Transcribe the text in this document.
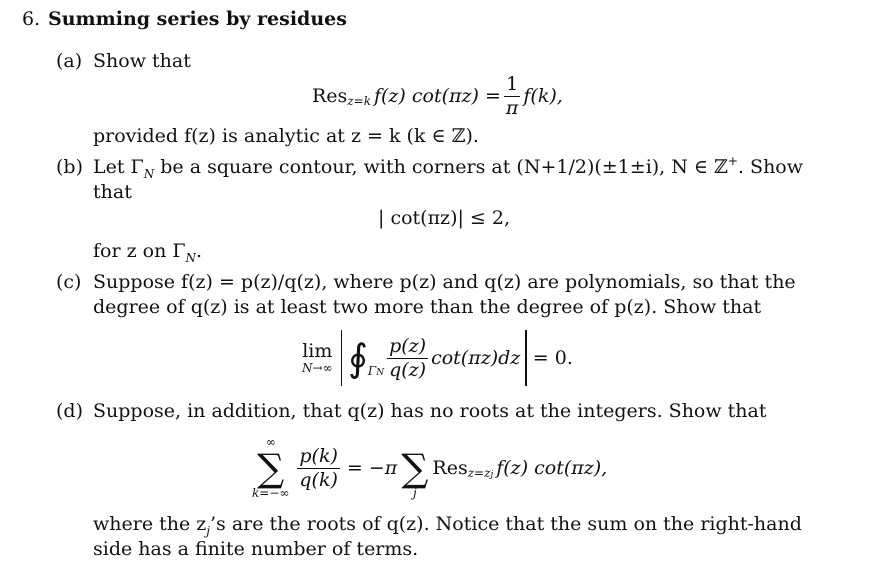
6. Summing series by residues
(a) Show that
Res z=k f(z) $\cot(\pi z) = \frac{1}{\pi} f(k)$,
provided f(z) is analytic at z = k (k ∈ ℤ).
(b) Let $\Gamma_N$ be a square contour, with corners at (N+1/2)(±1±i), N ∈ ℤ+. Show
that
| cot(πz)| ≤ 2,
for z on $\Gamma_N$.
(c) Suppose f(z) = p(z)/q(z), where p(z) and q(z) are polynomials, so that the
degree of q(z) is at least two more than the degree of p(z). Show that
lim
N→∞ ∮ ΓN $\frac{p(z)}{q(z)} \cot(\pi z)dz = 0$.
(d) Suppose, in addition, that q(z) has no roots at the integers. Show that
∞
∑
k=−∞
$\frac{p(k)}{q(k)} = -\pi$
∑
j
Res z=zj f(z) cot(πz),
where the $z_j’s$ are the roots of q(z). Notice that the sum on the right-hand
side has a finite number of terms.
